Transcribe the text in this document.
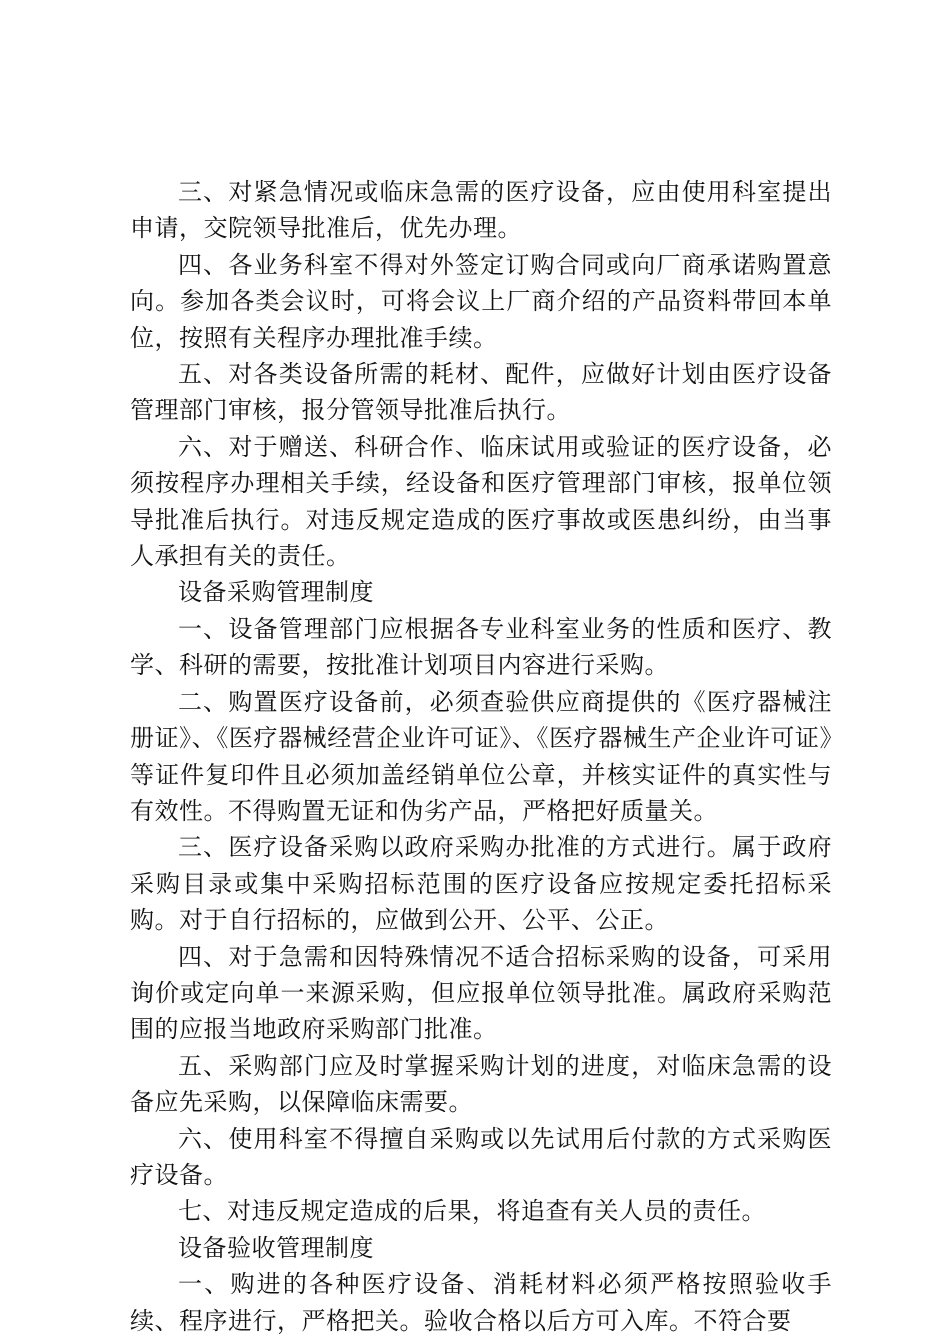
三、对紧急情况或临床急需的医疗设备，应由使用科室提出申请，交院领导批准后，优先办理。

四、各业务科室不得对外签定订购合同或向厂商承诺购置意向。参加各类会议时，可将会议上厂商介绍的产品资料带回本单位，按照有关程序办理批准手续。

五、对各类设备所需的耗材、配件，应做好计划由医疗设备管理部门审核，报分管领导批准后执行。

六、对于赠送、科研合作、临床试用或验证的医疗设备，必须按程序办理相关手续，经设备和医疗管理部门审核，报单位领导批准后执行。对违反规定造成的医疗事故或医患纠纷，由当事人承担有关的责任。

设备采购管理制度

一、设备管理部门应根据各专业科室业务的性质和医疗、教学、科研的需要，按批准计划项目内容进行采购。

二、购置医疗设备前，必须查验供应商提供的《医疗器械注册证》、《医疗器械经营企业许可证》、《医疗器械生产企业许可证》等证件复印件且必须加盖经销单位公章，并核实证件的真实性与有效性。不得购置无证和伪劣产品，严格把好质量关。

三、医疗设备采购以政府采购办批准的方式进行。属于政府采购目录或集中采购招标范围的医疗设备应按规定委托招标采购。对于自行招标的，应做到公开、公平、公正。

四、对于急需和因特殊情况不适合招标采购的设备，可采用询价或定向单一来源采购，但应报单位领导批准。属政府采购范围的应报当地政府采购部门批准。

五、采购部门应及时掌握采购计划的进度，对临床急需的设备应先采购，以保障临床需要。

六、使用科室不得擅自采购或以先试用后付款的方式采购医疗设备。

七、对违反规定造成的后果，将追查有关人员的责任。

设备验收管理制度

一、购进的各种医疗设备、消耗材料必须严格按照验收手续、程序进行，严格把关。验收合格以后方可入库。不符合要
